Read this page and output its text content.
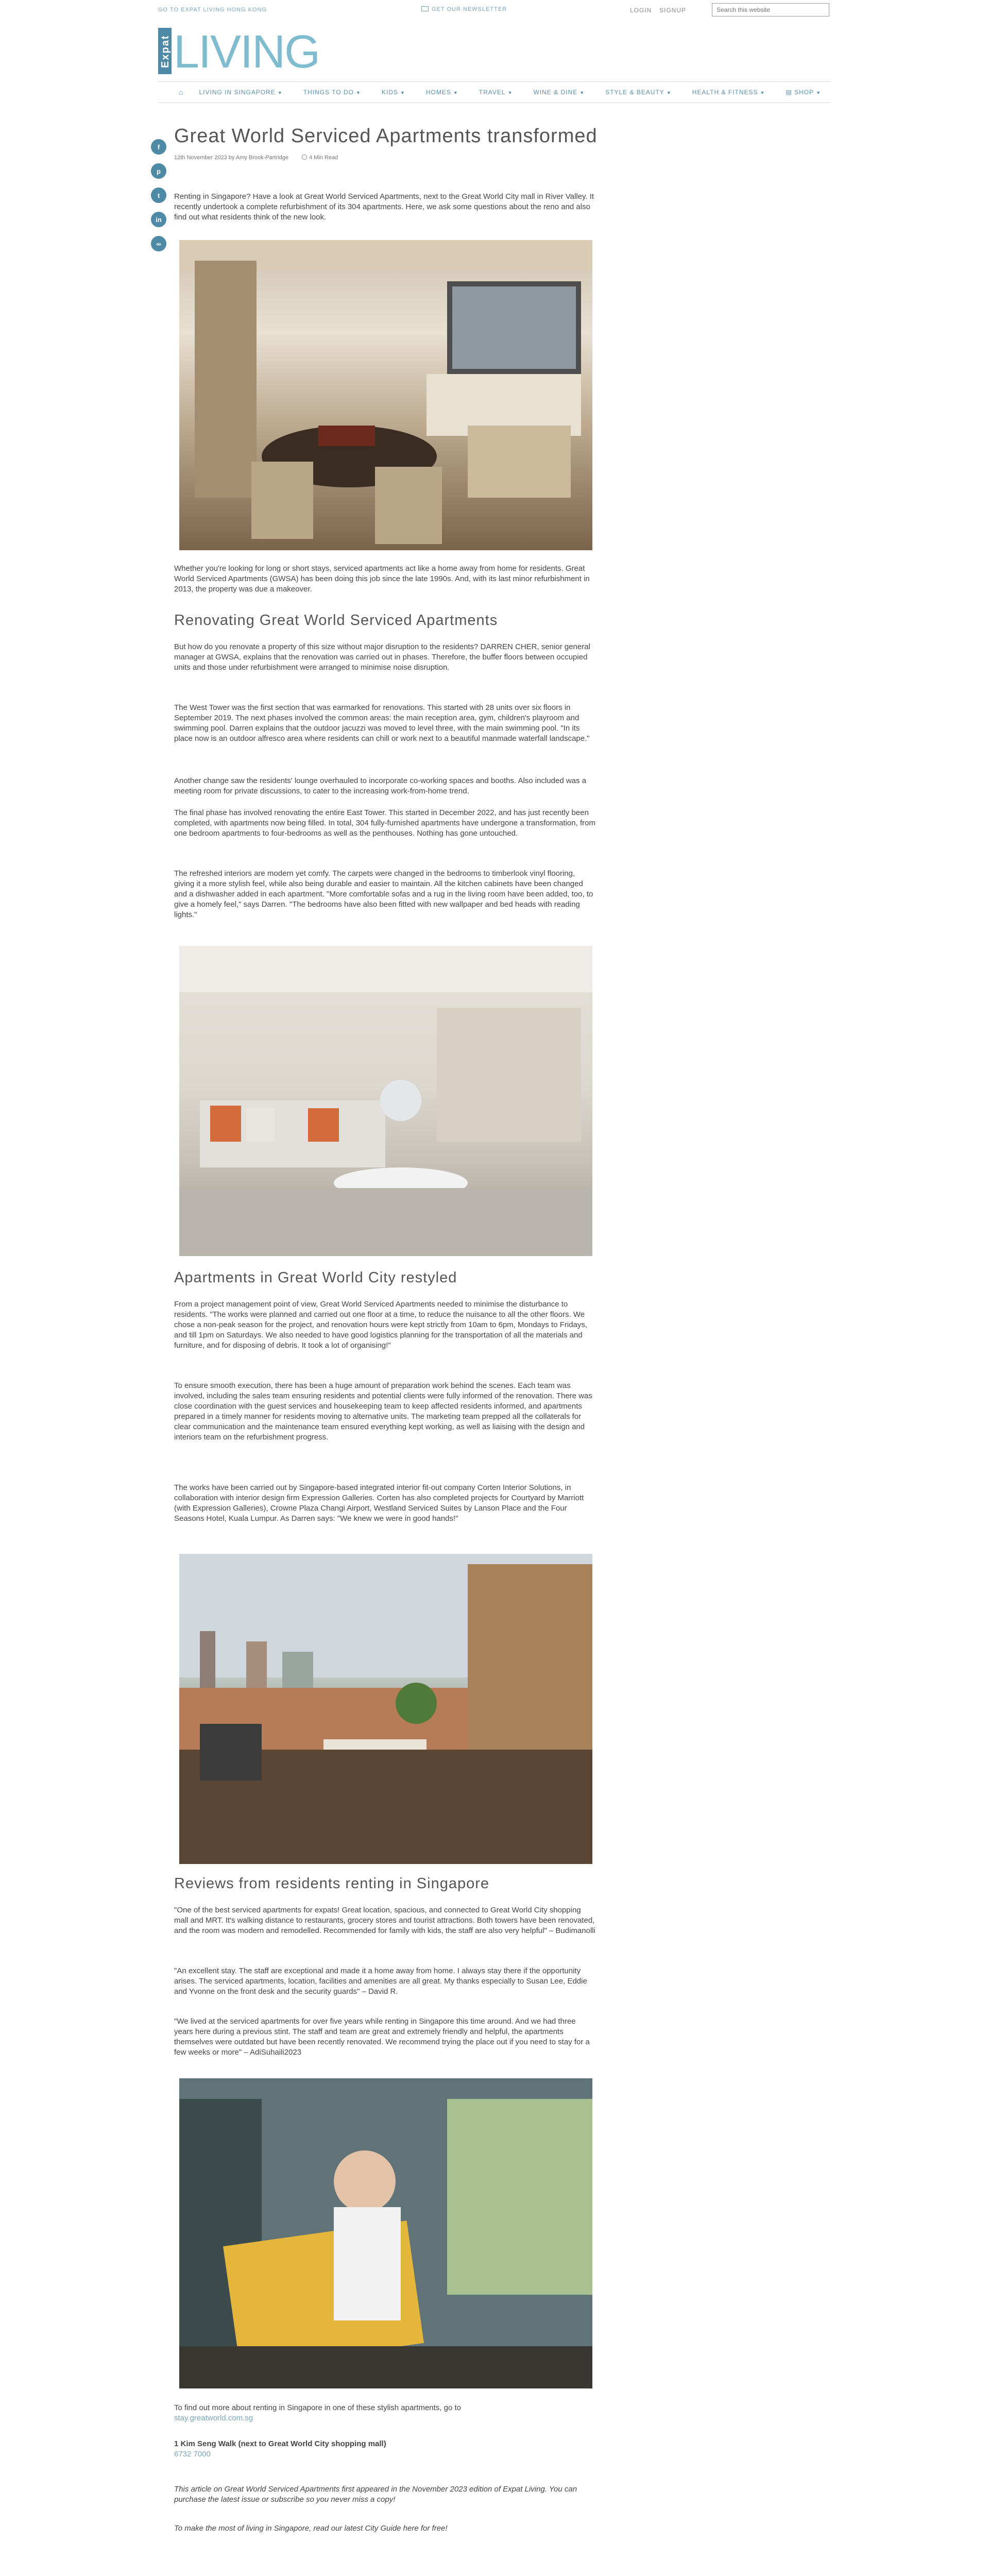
GO TO EXPAT LIVING HONG KONG	GET OUR NEWSLETTER	LOGIN SIGNUP
Search this website
Expat LIVING
⌂	LIVING IN SINGAPORE ▼	THINGS TO DO ▼	KIDS ▼	HOMES ▼	TRAVEL ▼	WINE & DINE ▼	STYLE & BEAUTY ▼	HEALTH & FITNESS ▼	▤ SHOP ▼
f
p
t
in
∞
Great World Serviced Apartments transformed
12th November 2023 by Amy Brook-Partridge	4 Min Read
Renting in Singapore? Have a look at Great World Serviced Apartments, next to the Great World City mall in River Valley. It recently undertook a complete refurbishment of its 304 apartments. Here, we ask some questions about the reno and also find out what residents think of the new look.
Whether you're looking for long or short stays, serviced apartments act like a home away from home for residents. Great World Serviced Apartments (GWSA) has been doing this job since the late 1990s. And, with its last minor refurbishment in 2013, the property was due a makeover.
Renovating Great World Serviced Apartments
But how do you renovate a property of this size without major disruption to the residents? DARREN CHER, senior general manager at GWSA, explains that the renovation was carried out in phases. Therefore, the buffer floors between occupied units and those under refurbishment were arranged to minimise noise disruption.
The West Tower was the first section that was earmarked for renovations. This started with 28 units over six floors in September 2019. The next phases involved the common areas: the main reception area, gym, children's playroom and swimming pool. Darren explains that the outdoor jacuzzi was moved to level three, with the main swimming pool. "In its place now is an outdoor alfresco area where residents can chill or work next to a beautiful manmade waterfall landscape."
Another change saw the residents' lounge overhauled to incorporate co-working spaces and booths. Also included was a meeting room for private discussions, to cater to the increasing work-from-home trend.
The final phase has involved renovating the entire East Tower. This started in December 2022, and has just recently been completed, with apartments now being filled. In total, 304 fully-furnished apartments have undergone a transformation, from one bedroom apartments to four-bedrooms as well as the penthouses. Nothing has gone untouched.
The refreshed interiors are modern yet comfy. The carpets were changed in the bedrooms to timberlook vinyl flooring, giving it a more stylish feel, while also being durable and easier to maintain. All the kitchen cabinets have been changed and a dishwasher added in each apartment. "More comfortable sofas and a rug in the living room have been added, too, to give a homely feel," says Darren. "The bedrooms have also been fitted with new wallpaper and bed heads with reading lights."
Apartments in Great World City restyled
From a project management point of view, Great World Serviced Apartments needed to minimise the disturbance to residents. "The works were planned and carried out one floor at a time, to reduce the nuisance to all the other floors. We chose a non-peak season for the project, and renovation hours were kept strictly from 10am to 6pm, Mondays to Fridays, and till 1pm on Saturdays. We also needed to have good logistics planning for the transportation of all the materials and furniture, and for disposing of debris. It took a lot of organising!"
To ensure smooth execution, there has been a huge amount of preparation work behind the scenes. Each team was involved, including the sales team ensuring residents and potential clients were fully informed of the renovation. There was close coordination with the guest services and housekeeping team to keep affected residents informed, and apartments prepared in a timely manner for residents moving to alternative units. The marketing team prepped all the collaterals for clear communication and the maintenance team ensured everything kept working, as well as liaising with the design and interiors team on the refurbishment progress.
The works have been carried out by Singapore-based integrated interior fit-out company Corten Interior Solutions, in collaboration with interior design firm Expression Galleries. Corten has also completed projects for Courtyard by Marriott (with Expression Galleries), Crowne Plaza Changi Airport, Westland Serviced Suites by Lanson Place and the Four Seasons Hotel, Kuala Lumpur. As Darren says: "We knew we were in good hands!"
Reviews from residents renting in Singapore
"One of the best serviced apartments for expats! Great location, spacious, and connected to Great World City shopping mall and MRT. It's walking distance to restaurants, grocery stores and tourist attractions. Both towers have been renovated, and the room was modern and remodelled. Recommended for family with kids, the staff are also very helpful" – Budimanolli
"An excellent stay. The staff are exceptional and made it a home away from home. I always stay there if the opportunity arises. The serviced apartments, location, facilities and amenities are all great. My thanks especially to Susan Lee, Eddie and Yvonne on the front desk and the security guards" – David R.
"We lived at the serviced apartments for over five years while renting in Singapore this time around. And we had three years here during a previous stint. The staff and team are great and extremely friendly and helpful, the apartments themselves were outdated but have been recently renovated. We recommend trying the place out if you need to stay for a few weeks or more" – AdiSuhaili2023
To find out more about renting in Singapore in one of these stylish apartments, go to
stay.greatworld.com.sg
1 Kim Seng Walk (next to Great World City shopping mall)
6732 7000
This article on Great World Serviced Apartments first appeared in the November 2023 edition of Expat Living. You can purchase the latest issue or subscribe so you never miss a copy!
To make the most of living in Singapore, read our latest City Guide here for free!
